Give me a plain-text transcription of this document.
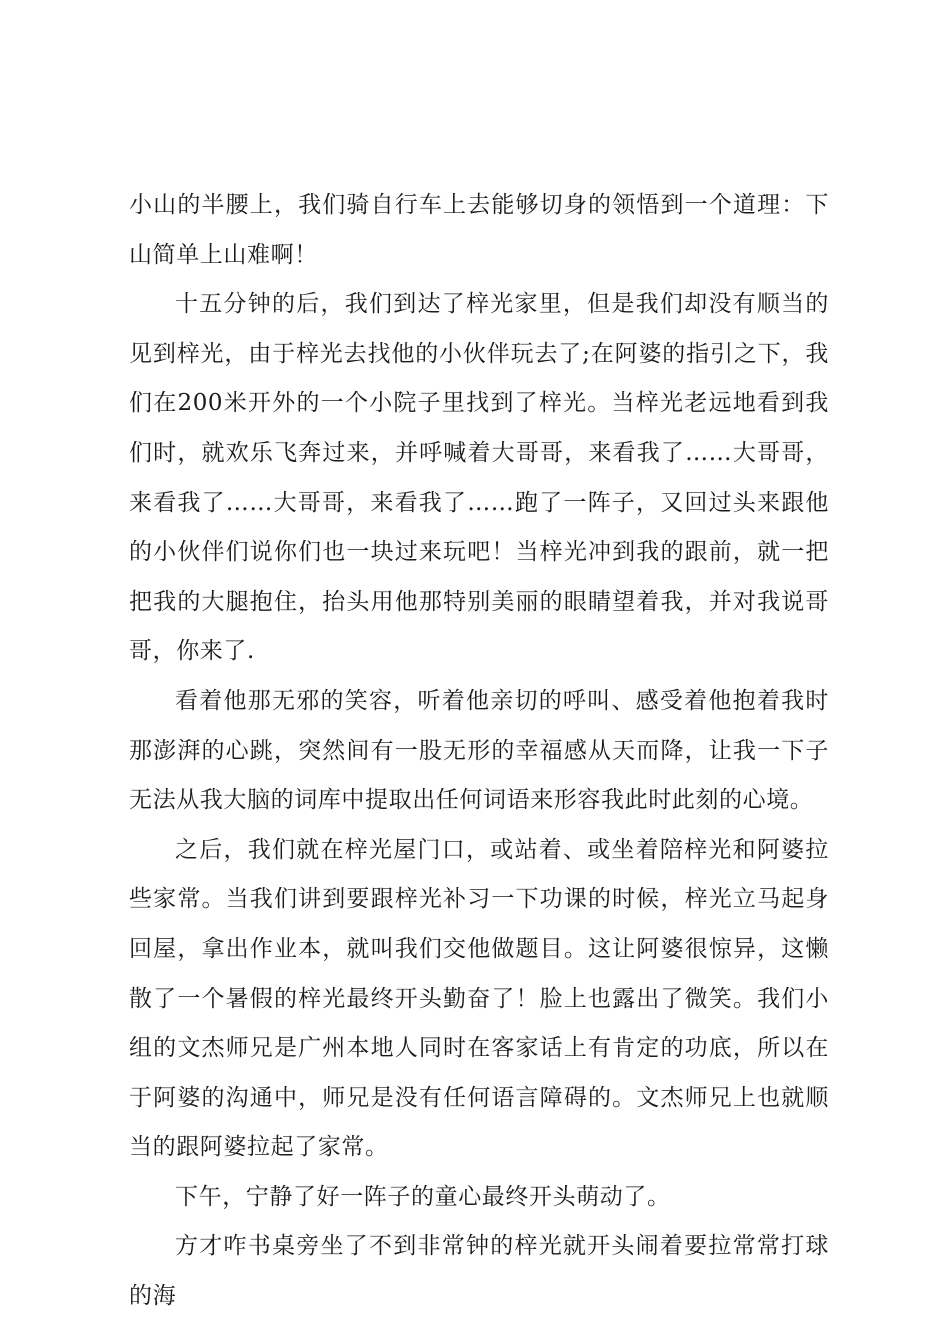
小山的半腰上，我们骑自行车上去能够切身的领悟到一个道理：下山简单上山难啊！

十五分钟的后，我们到达了梓光家里，但是我们却没有顺当的见到梓光，由于梓光去找他的小伙伴玩去了;在阿婆的指引之下，我们在200米开外的一个小院子里找到了梓光。当梓光老远地看到我们时，就欢乐飞奔过来，并呼喊着大哥哥，来看我了……大哥哥，来看我了……大哥哥，来看我了……跑了一阵子，又回过头来跟他的小伙伴们说你们也一块过来玩吧！当梓光冲到我的跟前，就一把把我的大腿抱住，抬头用他那特别美丽的眼睛望着我，并对我说哥哥，你来了.

看着他那无邪的笑容，听着他亲切的呼叫、感受着他抱着我时那澎湃的心跳，突然间有一股无形的幸福感从天而降，让我一下子无法从我大脑的词库中提取出任何词语来形容我此时此刻的心境。

之后，我们就在梓光屋门口，或站着、或坐着陪梓光和阿婆拉些家常。当我们讲到要跟梓光补习一下功课的时候，梓光立马起身回屋，拿出作业本，就叫我们交他做题目。这让阿婆很惊异，这懒散了一个暑假的梓光最终开头勤奋了！脸上也露出了微笑。我们小组的文杰师兄是广州本地人同时在客家话上有肯定的功底，所以在于阿婆的沟通中，师兄是没有任何语言障碍的。文杰师兄上也就顺当的跟阿婆拉起了家常。

下午，宁静了好一阵子的童心最终开头萌动了。

方才咋书桌旁坐了不到非常钟的梓光就开头闹着要拉常常打球的海
